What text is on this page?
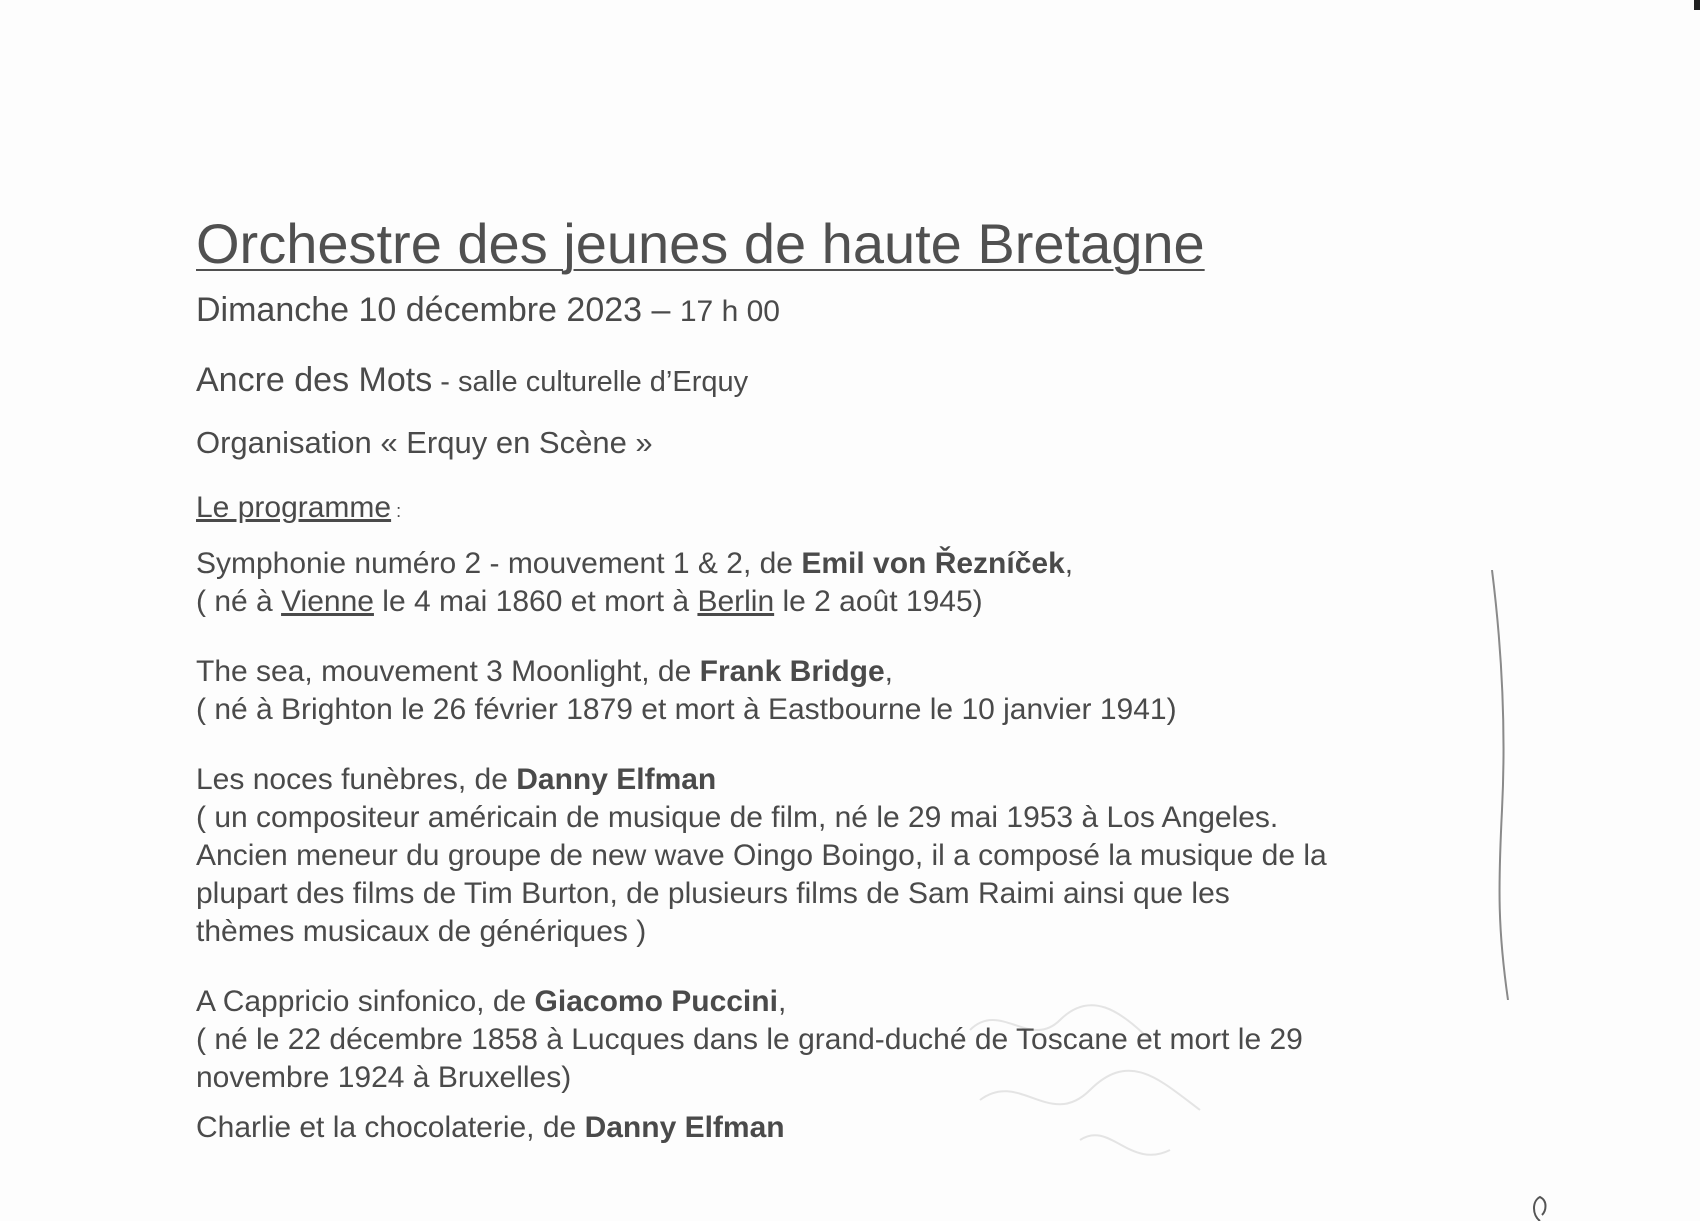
Orchestre des jeunes de haute Bretagne

Dimanche 10 décembre 2023 – 17 h 00

Ancre des Mots - salle culturelle d’Erquy

Organisation « Erquy en Scène »

Le programme :

Symphonie numéro 2 - mouvement 1 & 2, de Emil von Řezníček,
( né à Vienne le 4 mai 1860 et mort à Berlin le 2 août 1945)
The sea, mouvement 3 Moonlight, de Frank Bridge,
( né à Brighton le 26 février 1879 et mort à Eastbourne le 10 janvier 1941)
Les noces funèbres, de Danny Elfman
( un compositeur américain de musique de film, né le 29 mai 1953 à Los Angeles.
Ancien meneur du groupe de new wave Oingo Boingo, il a composé la musique de la
plupart des films de Tim Burton, de plusieurs films de Sam Raimi ainsi que les
thèmes musicaux de génériques )
A Cappricio sinfonico, de Giacomo Puccini,
( né le 22 décembre 1858 à Lucques dans le grand-duché de Toscane et mort le 29
novembre 1924 à Bruxelles)
Charlie et la chocolaterie, de Danny Elfman
